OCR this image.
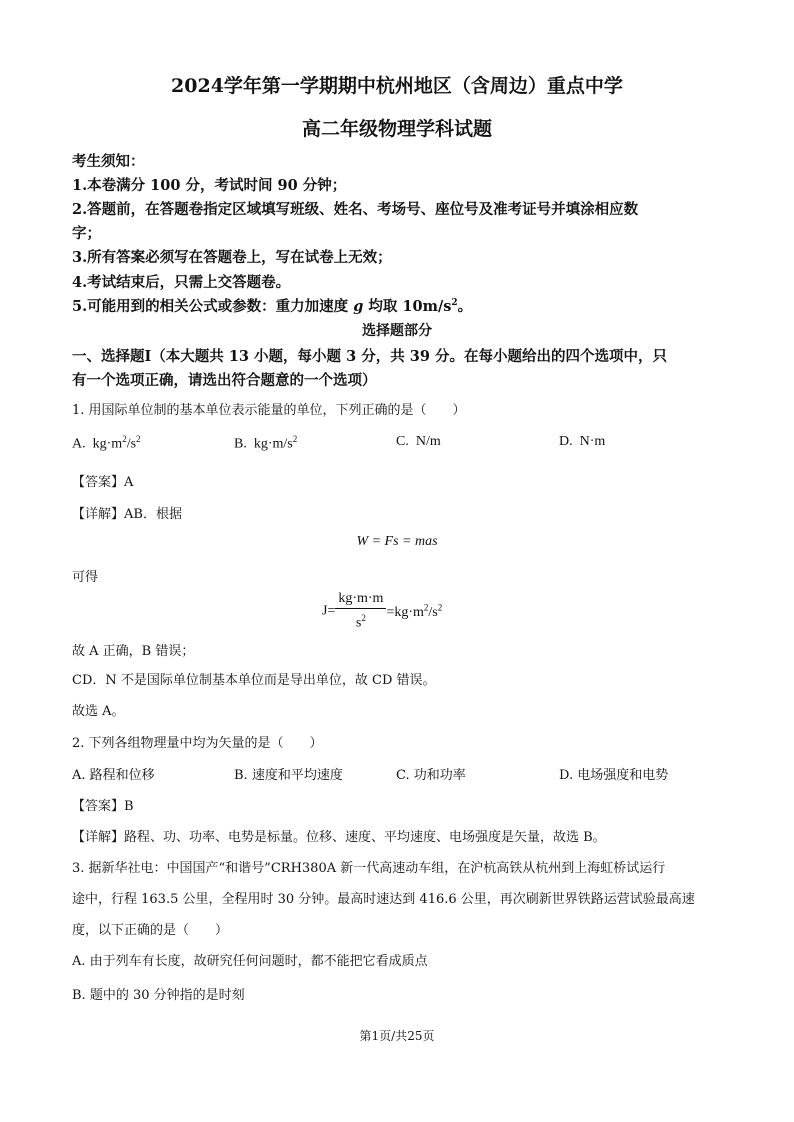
2024学年第一学期期中杭州地区（含周边）重点中学
高二年级物理学科试题
考生须知：
1.本卷满分 100 分，考试时间 90 分钟；
2.答题前，在答题卷指定区域填写班级、姓名、考场号、座位号及准考证号并填涂相应数
字；
3.所有答案必须写在答题卷上，写在试卷上无效；
4.考试结束后，只需上交答题卷。
5.可能用到的相关公式或参数：重力加速度 g 均取 $10m/s^2$。
选择题部分
一、选择题Ⅰ（本大题共 13 小题，每小题 3 分，共 39 分。在每小题给出的四个选项中，只
有一个选项正确，请选出符合题意的一个选项）
1. 用国际单位制的基本单位表示能量的单位，下列正确的是（　　）
A. $kg\cdot m^2/s^2$	B. $kg\cdot m/s^2$	C. N/m	D. N·m
【答案】A
【详解】AB．根据
W = Fs = mas
可得
$J= \frac{kg\cdot m\cdot m}{s^2} =kg\cdot m^2/s^2$
故 A 正确，B 错误；
CD．N 不是国际单位制基本单位而是导出单位，故 CD 错误。
故选 A。
2. 下列各组物理量中均为矢量的是（　　）
A. 路程和位移	B. 速度和平均速度	C. 功和功率	D. 电场强度和电势
【答案】B
【详解】路程、功、功率、电势是标量。位移、速度、平均速度、电场强度是矢量，故选 B。
3. 据新华社电：中国国产“和谐号”CRH380A 新一代高速动车组，在沪杭高铁从杭州到上海虹桥试运行
途中，行程 163.5 公里，全程用时 30 分钟。最高时速达到 416.6 公里，再次刷新世界铁路运营试验最高速
度，以下正确的是（　　）
A. 由于列车有长度，故研究任何问题时，都不能把它看成质点
B. 题中的 30 分钟指的是时刻
第1页/共25页
